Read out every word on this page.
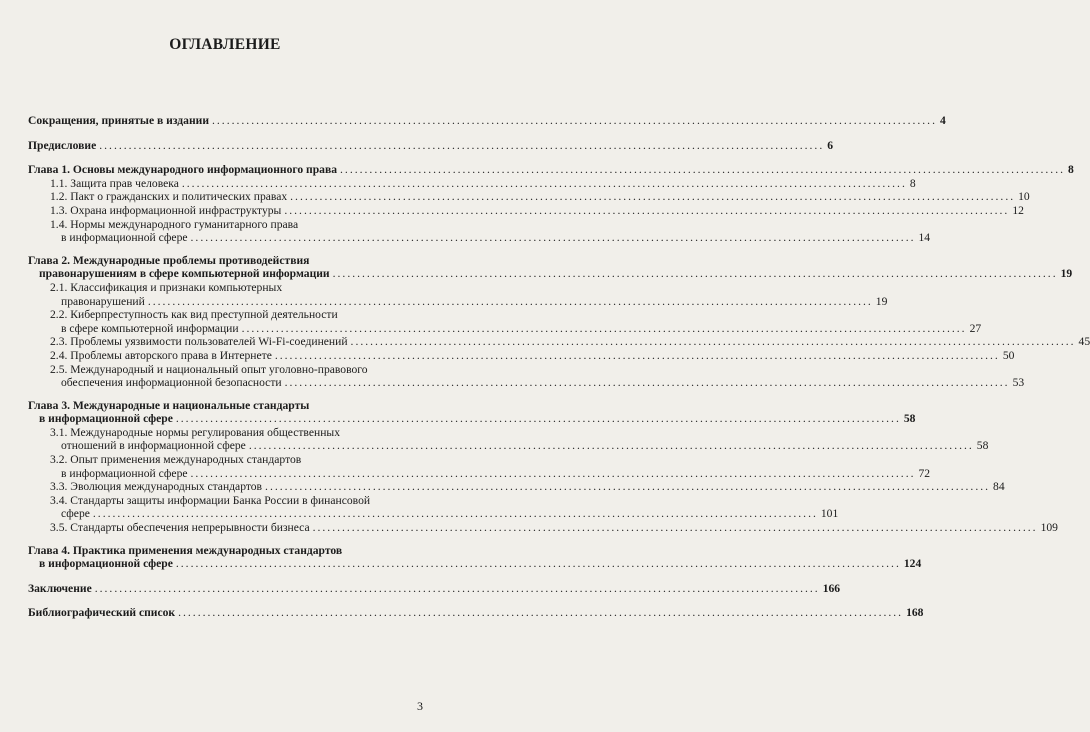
ОГЛАВЛЕНИЕ
Сокращения, принятые в издании .....	4
Предисловие .....	6
Глава 1. Основы международного информационного права .....	8
1.1. Защита прав человека .....	8
1.2. Пакт о гражданских и политических правах .....	10
1.3. Охрана информационной инфраструктуры .....	12
1.4. Нормы международного гуманитарного права
в информационной сфере .....	14
Глава 2. Международные проблемы противодействия
правонарушениям в сфере компьютерной информации .....	19
2.1. Классификация и признаки компьютерных
правонарушений .....	19
2.2. Киберпреступность как вид преступной деятельности
в сфере компьютерной информации .....	27
2.3. Проблемы уязвимости пользователей Wi-Fi-соединений .....	45
2.4. Проблемы авторского права в Интернете .....	50
2.5. Международный и национальный опыт уголовно-правового
обеспечения информационной безопасности .....	53
Глава 3. Международные и национальные стандарты
в информационной сфере .....	58
3.1. Международные нормы регулирования общественных
отношений в информационной сфере .....	58
3.2. Опыт применения международных стандартов
в информационной сфере .....	72
3.3. Эволюция международных стандартов .....	84
3.4. Стандарты защиты информации Банка России в финансовой
сфере .....	101
3.5. Стандарты обеспечения непрерывности бизнеса .....	109
Глава 4. Практика применения международных стандартов
в информационной сфере .....	124
Заключение .....	166
Библиографический список .....	168
3
